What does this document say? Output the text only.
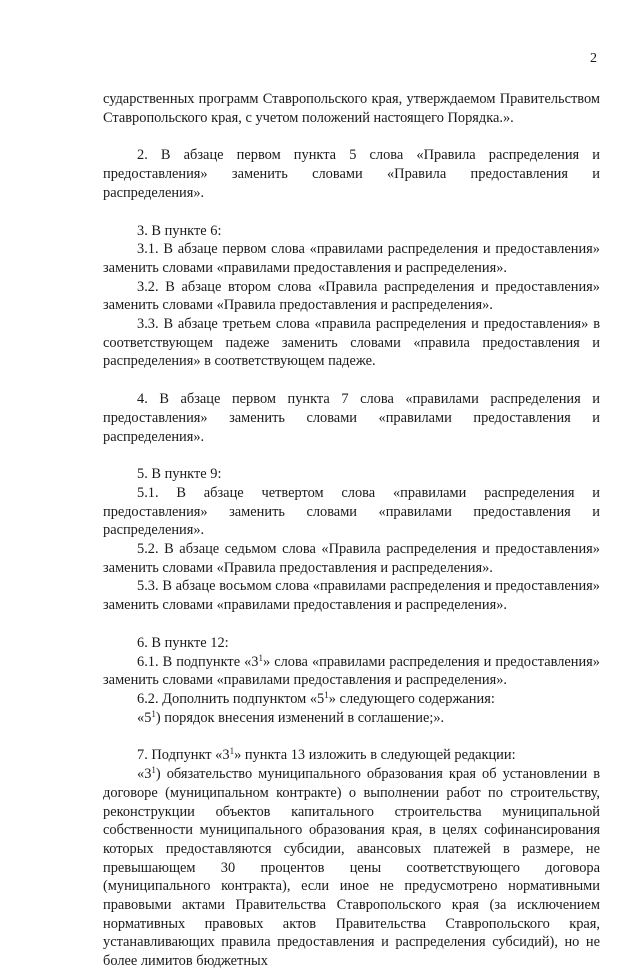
2

сударственных программ Ставропольского края, утверждаемом Правительством Ставропольского края, с учетом положений настоящего Порядка.».

2. В абзаце первом пункта 5 слова «Правила распределения и предоставления» заменить словами «Правила предоставления и распределения».

3. В пункте 6:

3.1. В абзаце первом слова «правилами распределения и предоставления» заменить словами «правилами предоставления и распределения».

3.2. В абзаце втором слова «Правила распределения и предоставления» заменить словами «Правила предоставления и распределения».

3.3. В абзаце третьем слова «правила распределения и предоставления» в соответствующем падеже заменить словами «правила предоставления и распределения» в соответствующем падеже.

4. В абзаце первом пункта 7 слова «правилами распределения и предоставления» заменить словами «правилами предоставления и распределения».

5. В пункте 9:

5.1. В абзаце четвертом слова «правилами распределения и предоставления» заменить словами «правилами предоставления и распределения».

5.2. В абзаце седьмом слова «Правила распределения и предоставления» заменить словами «Правила предоставления и распределения».

5.3. В абзаце восьмом слова «правилами распределения и предоставления» заменить словами «правилами предоставления и распределения».

6. В пункте 12:

6.1. В подпункте «$3^1$» слова «правилами распределения и предоставления» заменить словами «правилами предоставления и распределения».

6.2. Дополнить подпунктом «$5^1$» следующего содержания:

«$5^1$) порядок внесения изменений в соглашение;».

7. Подпункт «$3^1$» пункта 13 изложить в следующей редакции:

«$3^1$) обязательство муниципального образования края об установлении в договоре (муниципальном контракте) о выполнении работ по строительству, реконструкции объектов капитального строительства муниципальной собственности муниципального образования края, в целях софинансирования которых предоставляются субсидии, авансовых платежей в размере, не превышающем 30 процентов цены соответствующего договора (муниципального контракта), если иное не предусмотрено нормативными правовыми актами Правительства Ставропольского края (за исключением нормативных правовых актов Правительства Ставропольского края, устанавливающих правила предоставления и распределения субсидий), но не более лимитов бюджетных
